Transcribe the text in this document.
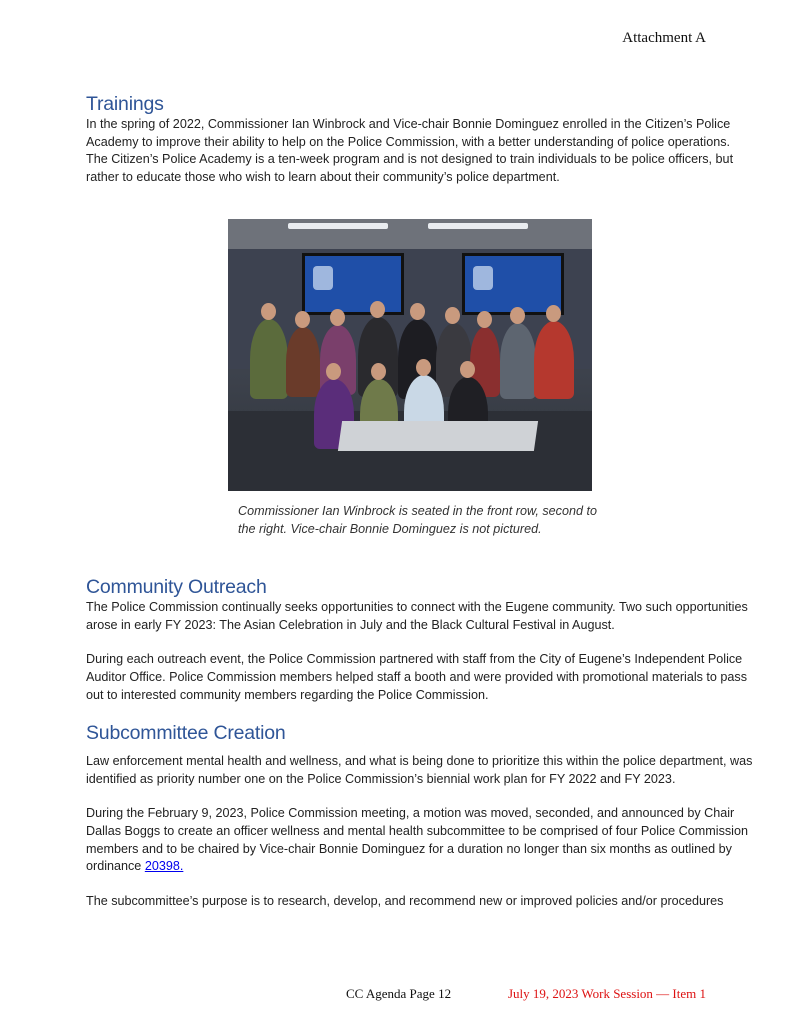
Attachment A
Trainings

In the spring of 2022, Commissioner Ian Winbrock and Vice-chair Bonnie Dominguez enrolled in the Citizen’s Police Academy to improve their ability to help on the Police Commission, with a better understanding of police operations. The Citizen’s Police Academy is a ten-week program and is not designed to train individuals to be police officers, but rather to educate those who wish to learn about their community’s police department.

Commissioner Ian Winbrock is seated in the front row, second to the right. Vice-chair Bonnie Dominguez is not pictured.
Community Outreach

The Police Commission continually seeks opportunities to connect with the Eugene community. Two such opportunities arose in early FY 2023: The Asian Celebration in July and the Black Cultural Festival in August.

During each outreach event, the Police Commission partnered with staff from the City of Eugene’s Independent Police Auditor Office. Police Commission members helped staff a booth and were provided with promotional materials to pass out to interested community members regarding the Police Commission.

Subcommittee Creation

Law enforcement mental health and wellness, and what is being done to prioritize this within the police department, was identified as priority number one on the Police Commission’s biennial work plan for FY 2022 and FY 2023.

During the February 9, 2023, Police Commission meeting, a motion was moved, seconded, and announced by Chair Dallas Boggs to create an officer wellness and mental health subcommittee to be comprised of four Police Commission members and to be chaired by Vice-chair Bonnie Dominguez for a duration no longer than six months as outlined by ordinance 20398.

The subcommittee’s purpose is to research, develop, and recommend new or improved policies and/or procedures

CC Agenda Page 12	July 19, 2023 Work Session — Item 1
